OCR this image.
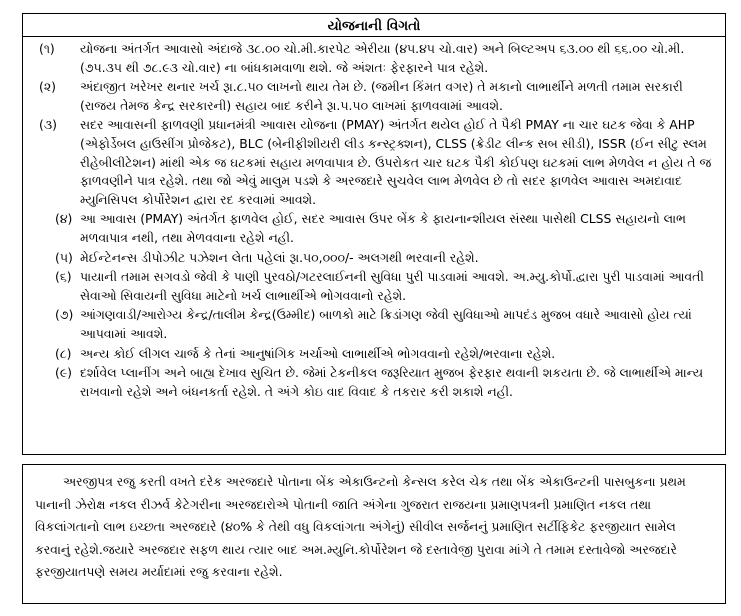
યોજનાની વિગતો
(૧)	યોજના અંતર્ગત આવાસો અંદાજે ૩૮.૦૦ ચો.મી.કારપેટ એરીયા (૪૫.૪૫ ચો.વાર) અને બિલ્ટઅપ ૬૩.૦૦ થી ૬૬.૦૦ ચો.મી. (૭૫.૩૫ થી ૭૮.૯૩ ચો.વાર) ના બાંધકામવાળા થશે. જે અંશતઃ ફેરફારને પાત્ર રહેશે.
(૨)	અંદાજીત ખરેખર થનાર ખર્ચ રૂા.૮.૫૦ લાખનો થાય તેમ છે. (જમીન કિંમત વગર) તે મકાનો લાભાર્થીને મળતી તમામ સરકારી (રાજય તેમજ કેન્દ્ર સરકારની) સહાય બાદ કરીને રૂા.૫.૫૦ લાખમાં ફાળવવામાં આવશે.
(૩)	સદર આવાસની ફાળવણી પ્રધાનમંત્રી આવાસ યોજના (PMAY) અંતર્ગત થયેલ હોઈ તે પૈકી PMAY ના ચાર ઘટક જેવા કે AHP (એફોર્ડેબલ હાઉસીંગ પ્રોજેકટ), BLC (બેનીફીશીયરી લીડ કન્સ્ટ્રક્શન), CLSS (ક્રેડીટ લીન્ક સબ સીડી), ISSR (ઈન સીટુ સ્લમ રીહેબીલીટેશન) માંથી એક જ ઘટકમાં સહાય મળવાપાત્ર છે. ઉપરોકત ચાર ઘટક પૈકી કોઈપણ ઘટકમાં લાભ મેળવેલ ન હોય તે જ ફાળવણીને પાત્ર રહેશે. તથા જો એવું માલુમ પડશે કે અરજદારે સુચવેલ લાભ મેળવેલ છે તો સદર ફાળવેલ આવાસ અમદાવાદ મ્યુનિસિપલ કોર્પોરેશન દ્વારા રદ કરવામાં આવશે.
(૪) આ આવાસ (PMAY) અંતર્ગત ફાળવેલ હોઈ, સદર આવાસ ઉપર બેંક કે ફાયનાન્શીયલ સંસ્થા પાસેથી CLSS સહાયનો લાભ મળવાપાત્ર નથી, તથા મેળવવાના રહેશે નહી.
(૫) મેઈન્ટેનન્સ ડીપોઝીટ પઝેશન લેતા પહેલાં રૂા.૫૦,૦૦૦/- અલગથી ભરવાની રહેશે.
(૬) પાયાની તમામ સગવડો જેવી કે પાણી પુરવઠો/ગટરલાઈનની સુવિધા પુરી પાડવામાં આવશે. અ.મ્યુ.કોર્પો.દ્વારા પુરી પાડવામાં આવતી સેવાઓ સિવાયની સુવિધા માટેનો ખર્ચ લાભાર્થીએ ભોગવવાનો રહેશે.
(૭) આંગણવાડી/આરોગ્ય કેન્દ્ર/તાલીમ કેન્દ્ર(ઉમ્મીદ) બાળકો માટે ક્રિડાંગણ જેવી સુવિધાઓ માપદંડ મુજબ વધારે આવાસો હોય ત્યાં આપવામાં આવશે.
(૮) અન્ય કોઈ લીગલ ચાર્જ કે તેનાં આનુષાંગિક ખર્ચાઓ લાભાર્થીએ ભોગવવાનો રહેશે/ભરવાના રહેશે.
(૯) દર્શાવેલ પ્લાનીંગ અને બાહ્ય દેખાવ સુચિત છે. જેમાં ટેકનીકલ જરૂરિયાત મુજબ ફેરફાર થવાની શકયતા છે. જે લાભાર્થીએ માન્ય રાખવાનો રહેશે અને બંધનકર્તા રહેશે. તે અંગે કોઇ વાદ વિવાદ કે તકરાર કરી શકાશે નહી.
અરજીપત્ર રજુ કરતી વખતે દરેક અરજદારે પોતાના બેંક એકાઉન્ટનો કેન્સલ કરેલ ચેક તથા બેંક એકાઉન્ટની પાસબુકના પ્રથમ પાનાની ઝેરોક્ષ નકલ રીઝર્વ કેટેગરીના અરજદારોએ પોતાની જાતિ અંગેના ગુજરાત રાજયના પ્રમાણપત્રની પ્રમાણિત નકલ તથા વિકલાંગતાનો લાભ ઇચ્છતા અરજદારે (૪૦% કે તેથી વધુ વિકલાંગતા અંગેનું) સીવીલ સર્જનનું પ્રમાણિત સર્ટીફિકેટ ફરજીયાત સામેલ કરવાનું રહેશે.જયારે અરજદાર સફળ થાય ત્યાર બાદ અમ.મ્યુનિ.કોર્પોરેશન જે દસ્તાવેજી પુરાવા માંગે તે તમામ દસ્તાવેજો અરજદારે ફરજીયાતપણે સમય મર્યાદામાં રજુ કરવાના રહેશે.
